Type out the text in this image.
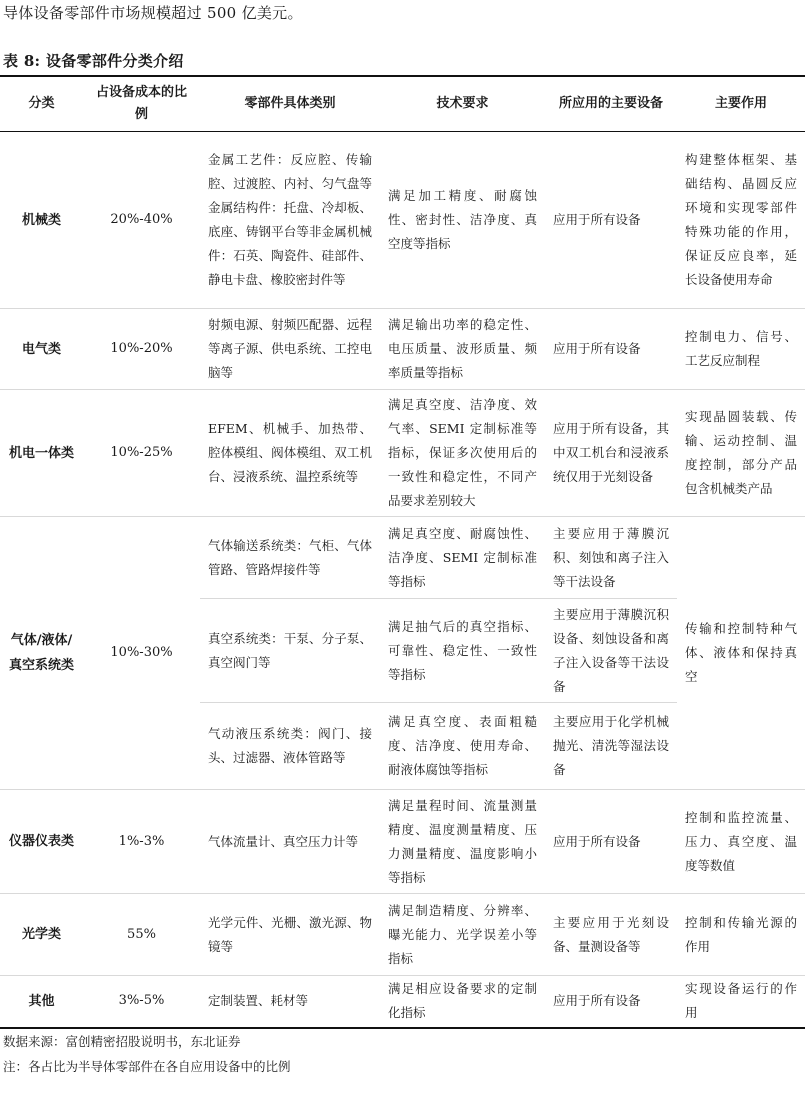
导体设备零部件市场规模超过 500 亿美元。
表 8: 设备零部件分类介绍
分类	占设备成本的比例	零部件具体类别	技术要求	所应用的主要设备	主要作用
机械类	20%-40%	金属工艺件：反应腔、传输腔、过渡腔、内衬、匀气盘等金属结构件：托盘、冷却板、底座、铸钢平台等非金属机械件：石英、陶瓷件、硅部件、静电卡盘、橡胶密封件等	满足加工精度、耐腐蚀性、密封性、洁净度、真空度等指标	应用于所有设备	构建整体框架、基础结构、晶圆反应环境和实现零部件特殊功能的作用，保证反应良率，延长设备使用寿命
电气类	10%-20%	射频电源、射频匹配器、远程等离子源、供电系统、工控电脑等	满足输出功率的稳定性、电压质量、波形质量、频率质量等指标	应用于所有设备	控制电力、信号、工艺反应制程
机电一体类	10%-25%	EFEM、机械手、加热带、腔体模组、阀体模组、双工机台、浸液系统、温控系统等	满足真空度、洁净度、效气率、SEMI 定制标准等指标，保证多次使用后的一致性和稳定性，不同产品要求差别较大	应用于所有设备，其中双工机台和浸液系统仅用于光刻设备	实现晶圆装载、传输、运动控制、温度控制，部分产品包含机械类产品
气体/液体/真空系统类	10%-30%	气体输送系统类：气柜、气体管路、管路焊接件等	满足真空度、耐腐蚀性、洁净度、SEMI 定制标准等指标	主要应用于薄膜沉积、刻蚀和离子注入等干法设备	传输和控制特种气体、液体和保持真空
		真空系统类：干泵、分子泵、真空阀门等	满足抽气后的真空指标、可靠性、稳定性、一致性等指标	主要应用于薄膜沉积设备、刻蚀设备和离子注入设备等干法设备	
		气动液压系统类：阀门、接头、过滤器、液体管路等	满足真空度、表面粗糙度、洁净度、使用寿命、耐液体腐蚀等指标	主要应用于化学机械抛光、清洗等湿法设备	
仪器仪表类	1%-3%	气体流量计、真空压力计等	满足量程时间、流量测量精度、温度测量精度、压力测量精度、温度影响小等指标	应用于所有设备	控制和监控流量、压力、真空度、温度等数值
光学类	55%	光学元件、光栅、激光源、物镜等	满足制造精度、分辨率、曝光能力、光学误差小等指标	主要应用于光刻设备、量测设备等	控制和传输光源的作用
其他	3%-5%	定制装置、耗材等	满足相应设备要求的定制化指标	应用于所有设备	实现设备运行的作用
数据来源：富创精密招股说明书，东北证券
注：各占比为半导体零部件在各自应用设备中的比例
